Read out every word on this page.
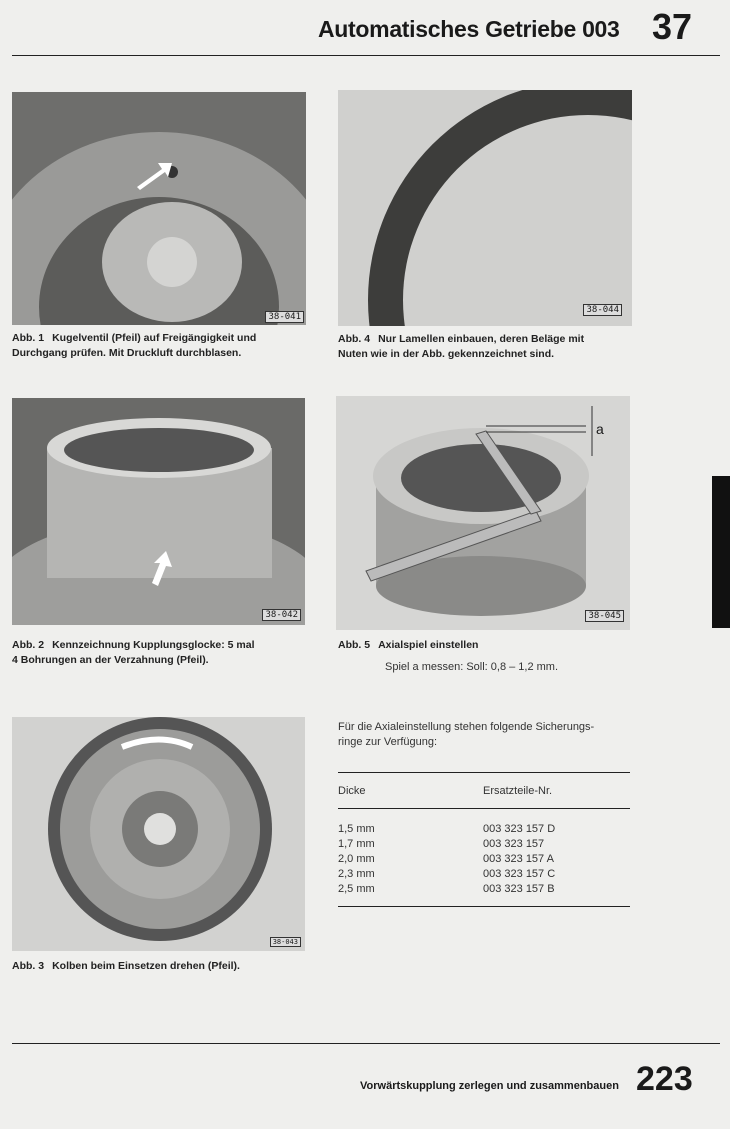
Automatisches Getriebe 003 37
38-041
Abb. 1 Kugelventil (Pfeil) auf Freigängigkeit und
Durchgang prüfen. Mit Druckluft durchblasen.
38-044
Abb. 4 Nur Lamellen einbauen, deren Beläge mit
Nuten wie in der Abb. gekennzeichnet sind.
38-042
Abb. 2 Kennzeichnung Kupplungsglocke: 5 mal
4 Bohrungen an der Verzahnung (Pfeil).
a
38-045
Abb. 5 Axialspiel einstellen
Spiel a messen: Soll: 0,8 – 1,2 mm.
38-043
Abb. 3 Kolben beim Einsetzen drehen (Pfeil).
Für die Axialeinstellung stehen folgende Sicherungs-
ringe zur Verfügung:
Dicke	Ersatzteile-Nr.
1,5 mm	003 323 157 D
1,7 mm	003 323 157
2,0 mm	003 323 157 A
2,3 mm	003 323 157 C
2,5 mm	003 323 157 B
Vorwärtskupplung zerlegen und zusammenbauen 223
